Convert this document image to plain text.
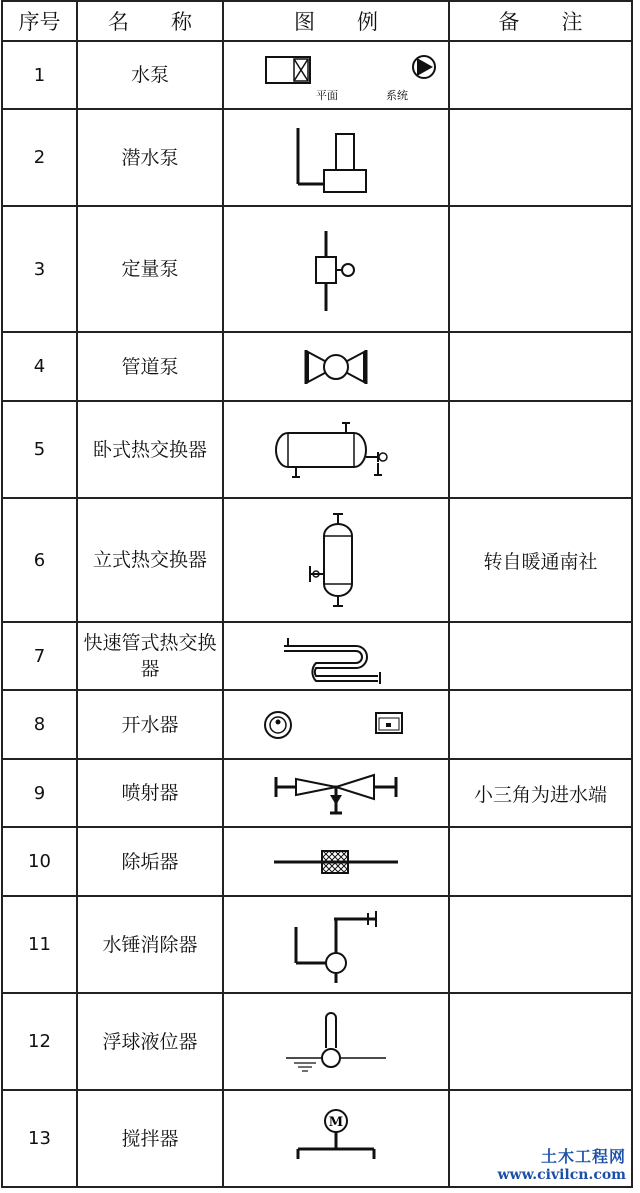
序号	名　　称	图　　例	备　　注
1	水泵	平面 系统	

2	潜水泵	

3	定量泵	

4	管道泵	

5	卧式热交换器	

6	立式热交换器		转自暖通南社
7	快速管式热交换器	

8	开水器	

9	喷射器		小三角为进水端
10	除垢器	

11	水锤消除器	

12	浮球液位器	

13	搅拌器	M	

土木工程网
www.civilcn.com
